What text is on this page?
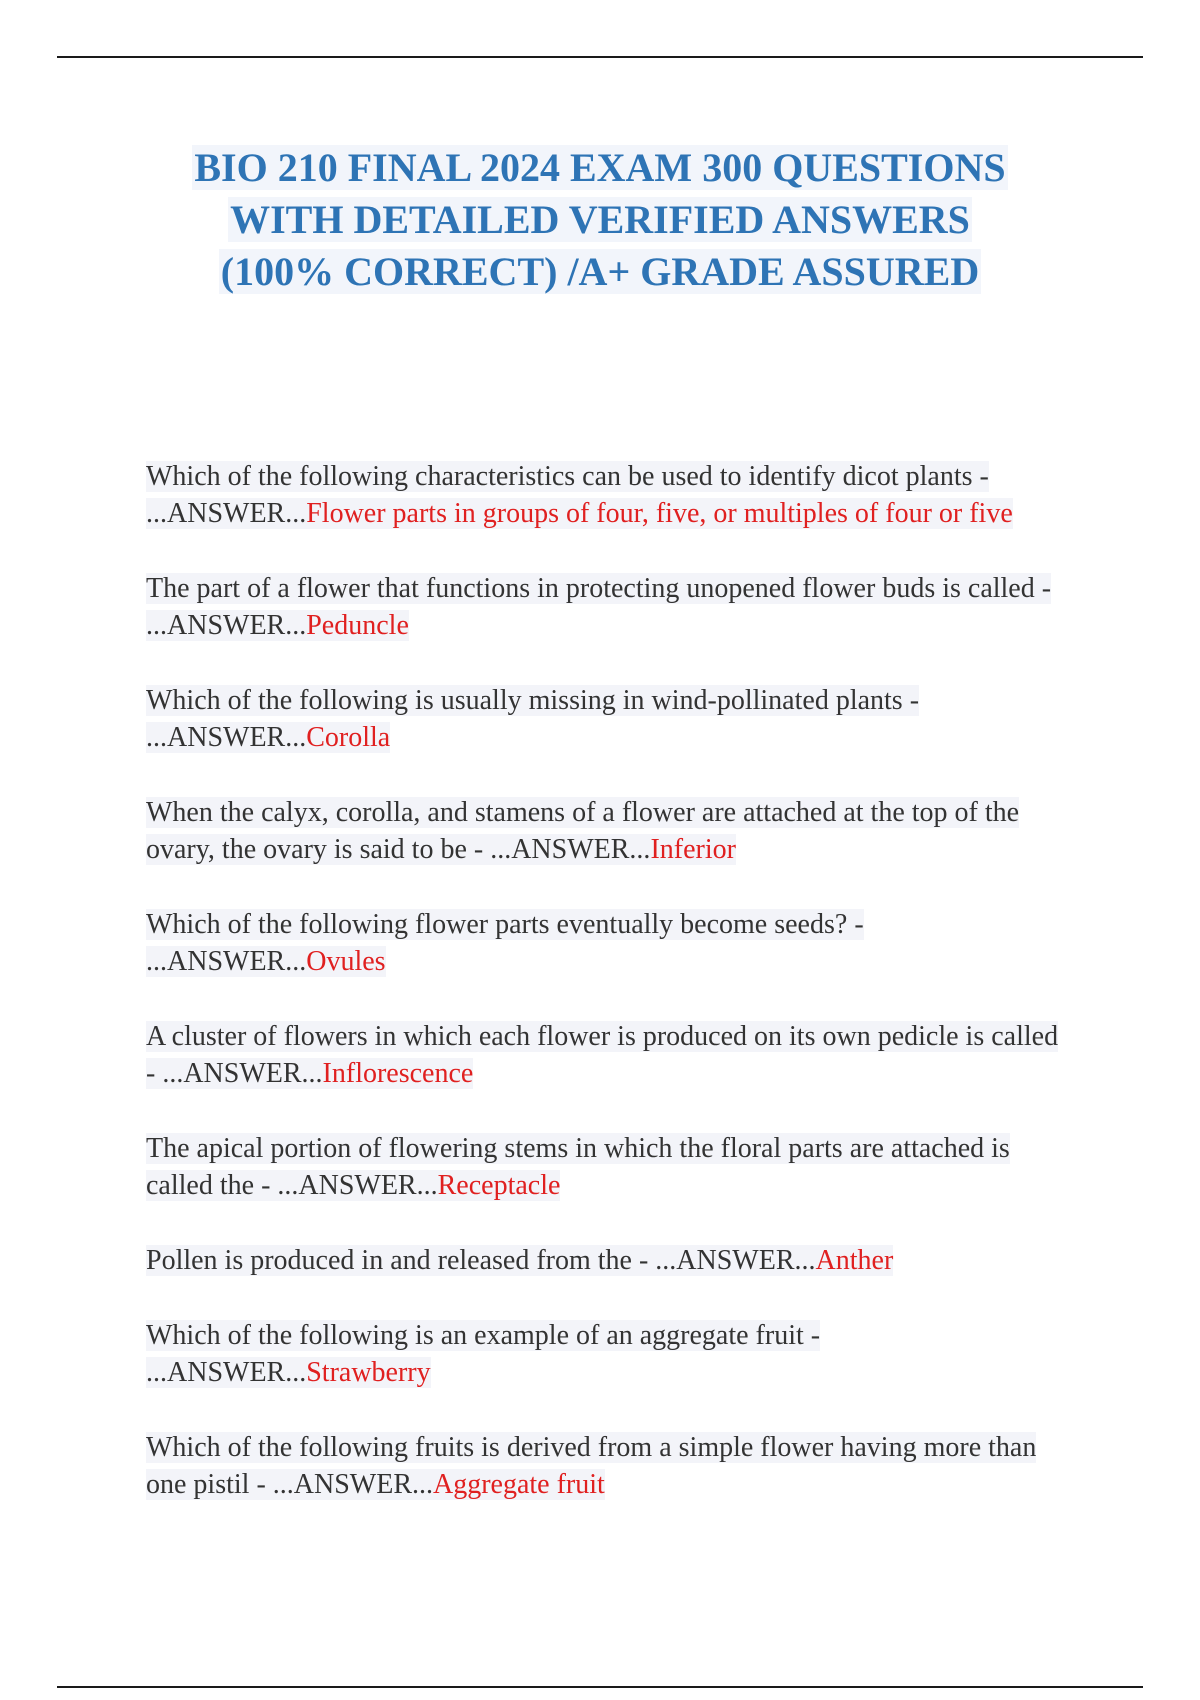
BIO 210 FINAL 2024 EXAM 300 QUESTIONS
WITH DETAILED VERIFIED ANSWERS
(100% CORRECT) /A+ GRADE ASSURED

Which of the following characteristics can be used to identify dicot plants - ...ANSWER...Flower parts in groups of four, five, or multiples of four or five

The part of a flower that functions in protecting unopened flower buds is called - ...ANSWER...Peduncle

Which of the following is usually missing in wind-pollinated plants - ...ANSWER...Corolla

When the calyx, corolla, and stamens of a flower are attached at the top of the ovary, the ovary is said to be - ...ANSWER...Inferior

Which of the following flower parts eventually become seeds? - ...ANSWER...Ovules

A cluster of flowers in which each flower is produced on its own pedicle is called - ...ANSWER...Inflorescence

The apical portion of flowering stems in which the floral parts are attached is called the - ...ANSWER...Receptacle

Pollen is produced in and released from the - ...ANSWER...Anther

Which of the following is an example of an aggregate fruit - ...ANSWER...Strawberry

Which of the following fruits is derived from a simple flower having more than one pistil - ...ANSWER...Aggregate fruit
